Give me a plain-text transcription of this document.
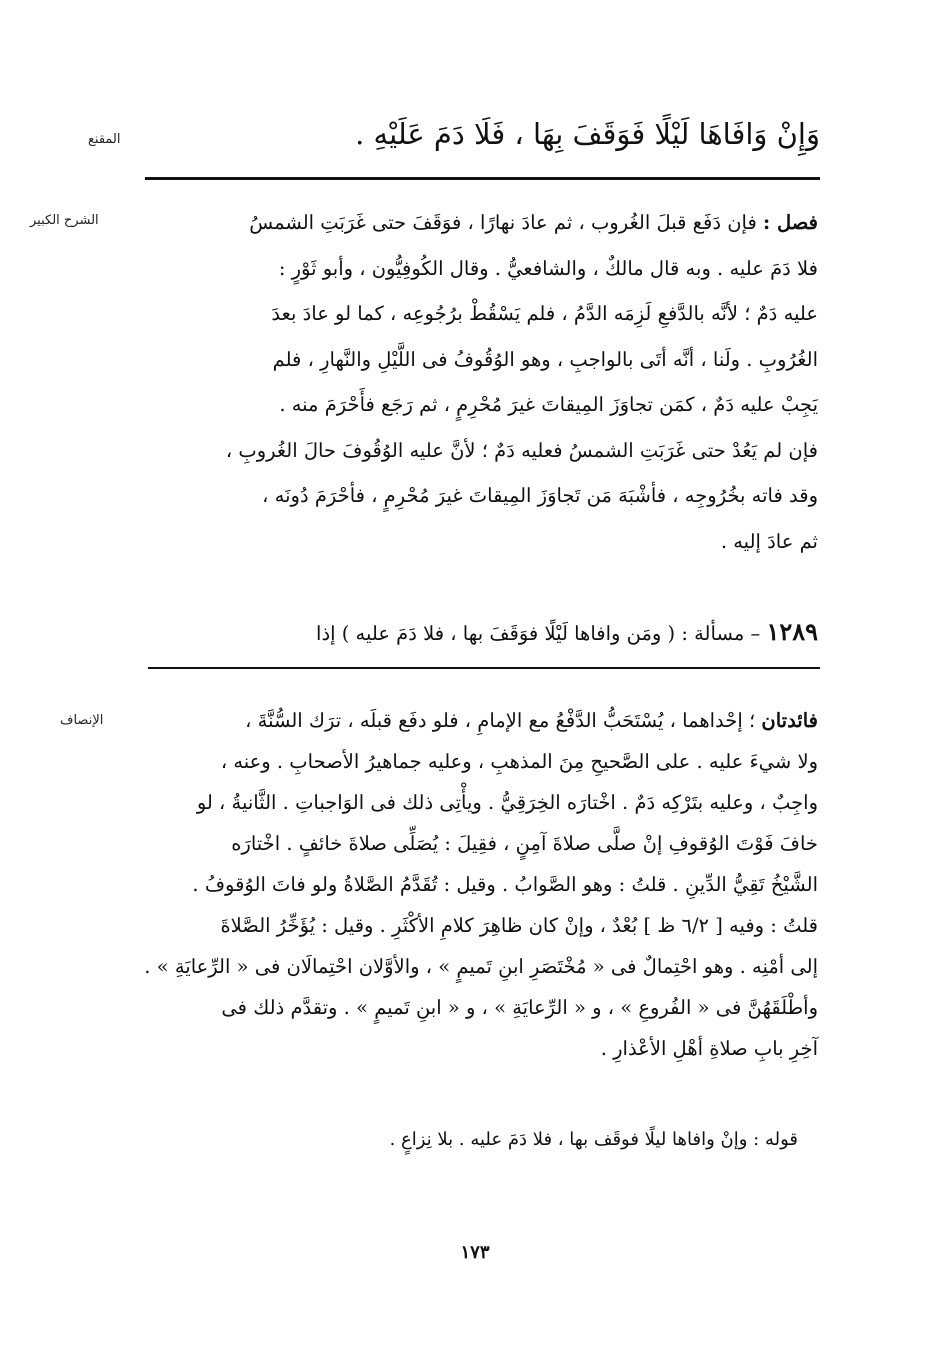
المقنع
الشرح الكبير
الإنصاف
وَإِنْ وَافَاهَا لَيْلًا فَوَقَفَ بِهَا ، فَلَا دَمَ عَلَيْهِ .
فصل : فإن دَفَع قبلَ الغُروب ، ثم عادَ نهارًا ، فوَقَفَ حتى غَرَبَتِ الشمسُ
فلا دَمَ عليه . وبه قال مالكٌ ، والشافعيُّ . وقال الكُوفِيُّون ، وأبو ثَوْرٍ :
عليه دَمٌ ؛ لأنَّه بالدَّفعِ لَزِمَه الدَّمُ ، فلم يَسْقُطْ برُجُوعِه ، كما لو عادَ بعدَ
الغُرُوبِ . ولَنا ، أنَّه أتَى بالواجبِ ، وهو الوُقُوفُ فى اللَّيْلِ والنَّهارِ ، فلم
يَجِبْ عليه دَمٌ ، كمَن تجاوَزَ المِيقاتَ غيرَ مُحْرِمٍ ، ثم رَجَع فأَحْرَمَ منه .
فإن لم يَعُدْ حتى غَرَبَتِ الشمسُ فعليه دَمٌ ؛ لأنَّ عليه الوُقُوفَ حالَ الغُروبِ ،
وقد فاته بخُرُوجِه ، فأشْبَهَ مَن تَجاوَزَ المِيقاتَ غيرَ مُحْرِمٍ ، فأحْرَمَ دُونَه ،
ثم عادَ إليه .
١٢٨٩ – مسألة : ( ومَن وافاها لَيْلًا فوَقَفَ بها ، فلا دَمَ عليه ) إذا
فائدتان ؛ إحْداهما ، يُسْتَحَبُّ الدَّفْعُ مع الإمامِ ، فلو دفَع قبلَه ، ترَك السُّنَّةَ ،
ولا شيءَ عليه . على الصَّحيحِ مِنَ المذهبِ ، وعليه جماهيرُ الأصحابِ . وعنه ،
واجِبٌ ، وعليه بتَرْكِه دَمٌ . اخْتارَه الخِرَقِيُّ . ويأْتِى ذلك فى الوَاجباتِ . الثَّانيةُ ، لو
خافَ فَوْتَ الوُقوفِ إنْ صلَّى صلاةَ آمِنٍ ، فقِيلَ : يُصَلِّى صلاةَ خائفٍ . اخْتارَه
الشَّيْخُ تَقِيُّ الدِّينِ . قلتُ : وهو الصَّوابُ . وقيل : تُقَدَّمُ الصَّلاةُ ولو فاتَ الوُقوفُ .
قلتُ : وفيه [ ٦/٢ ظ ] بُعْدٌ ، وإنْ كان ظاهِرَ كلامِ الأكْثَرِ . وقيل : يُؤَخِّرُ الصَّلاةَ
إلى أمْنِه . وهو احْتِمالٌ فى « مُخْتَصَرِ ابنِ تَميمٍ » ، والأوَّلان احْتِمالَان فى « الرِّعايَةِ » .
وأطْلَقَهُنَّ فى « الفُروعِ » ، و « الرِّعايَةِ » ، و « ابنِ تَميمٍ » . وتقدَّم ذلك فى
آخِرِ بابِ صلاةِ أهْلِ الأعْذارِ .
قوله : وإنْ وافاها ليلًا فوقَف بها ، فلا دَمَ عليه . بلا نِزاعٍ .
١٧٣
